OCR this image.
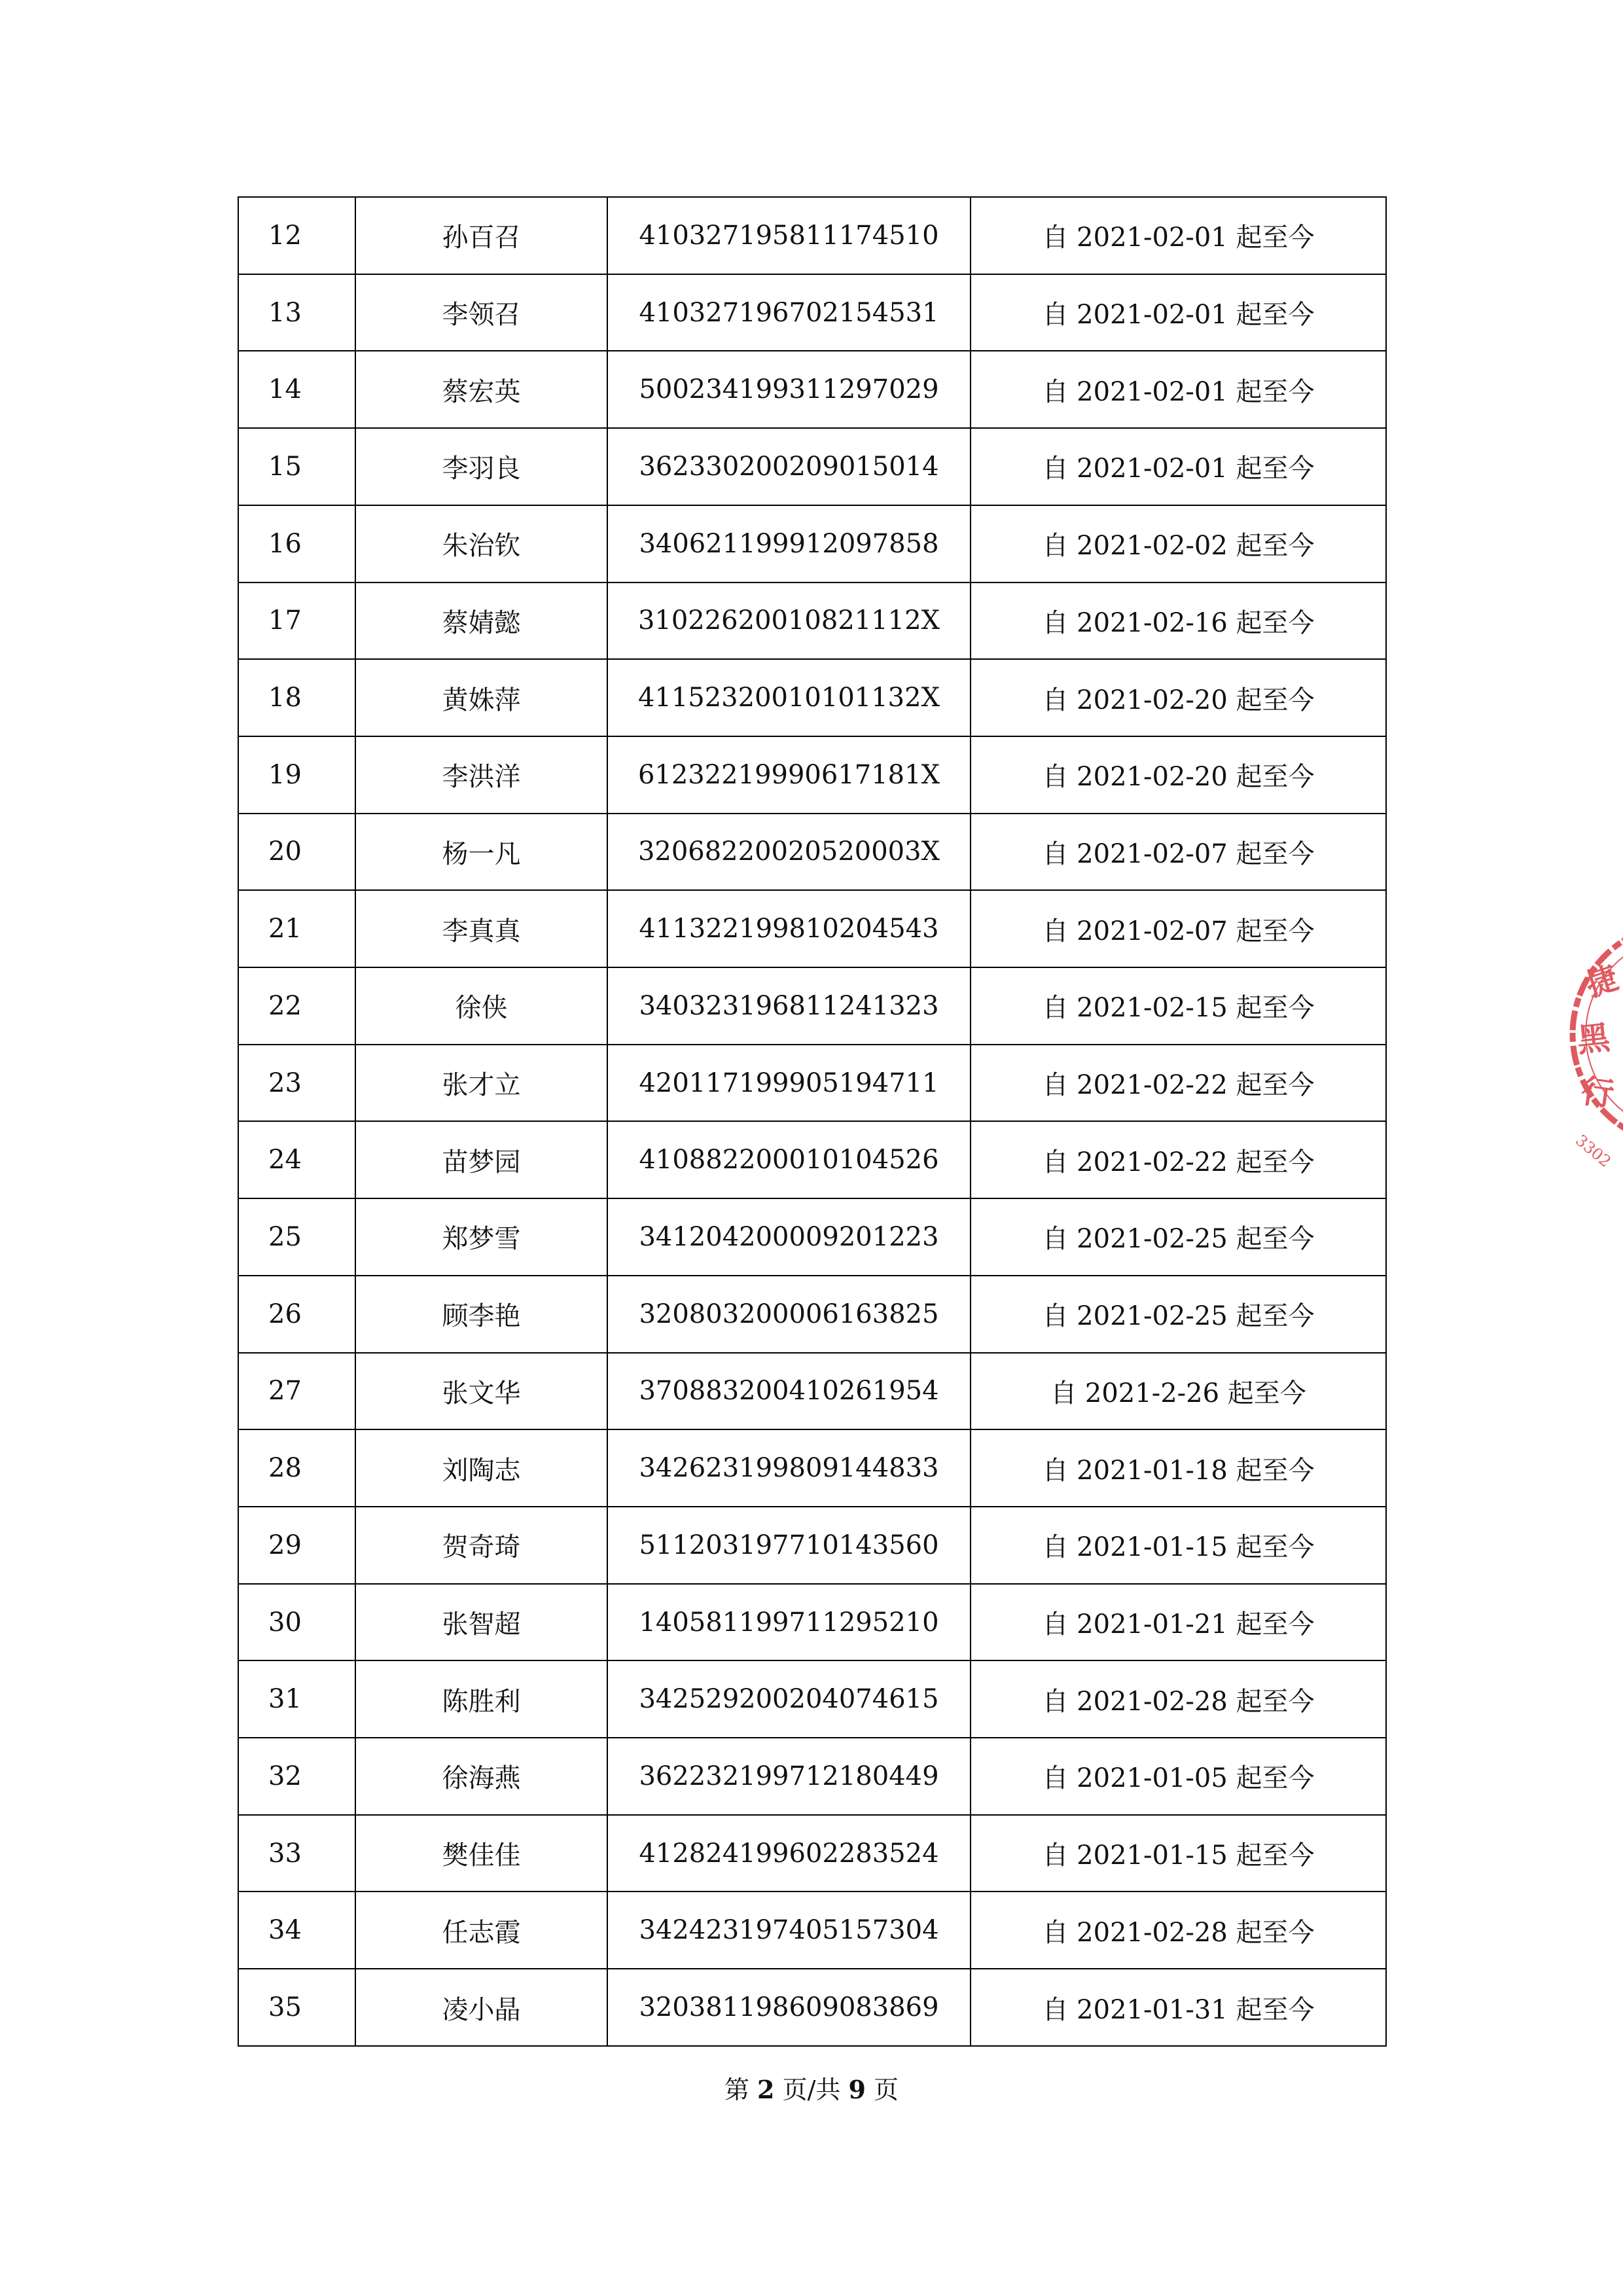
12	孙百召	410327195811174510	自 2021-02-01 起至今
13	李领召	410327196702154531	自 2021-02-01 起至今
14	蔡宏英	500234199311297029	自 2021-02-01 起至今
15	李羽良	362330200209015014	自 2021-02-01 起至今
16	朱治钦	340621199912097858	自 2021-02-02 起至今
17	蔡婧懿	31022620010821112X	自 2021-02-16 起至今
18	黄姝萍	41152320010101132X	自 2021-02-20 起至今
19	李洪洋	61232219990617181X	自 2021-02-20 起至今
20	杨一凡	32068220020520003X	自 2021-02-07 起至今
21	李真真	411322199810204543	自 2021-02-07 起至今
22	徐侠	340323196811241323	自 2021-02-15 起至今
23	张才立	420117199905194711	自 2021-02-22 起至今
24	苗梦园	410882200010104526	自 2021-02-22 起至今
25	郑梦雪	341204200009201223	自 2021-02-25 起至今
26	顾李艳	320803200006163825	自 2021-02-25 起至今
27	张文华	370883200410261954	自 2021-2-26 起至今
28	刘陶志	342623199809144833	自 2021-01-18 起至今
29	贺奇琦	511203197710143560	自 2021-01-15 起至今
30	张智超	140581199711295210	自 2021-01-21 起至今
31	陈胜利	342529200204074615	自 2021-02-28 起至今
32	徐海燕	362232199712180449	自 2021-01-05 起至今
33	樊佳佳	412824199602283524	自 2021-01-15 起至今
34	任志霞	342423197405157304	自 2021-02-28 起至今
35	凌小晶	320381198609083869	自 2021-01-31 起至今
第 2 页/共 9 页
捷
黑
行
3302
